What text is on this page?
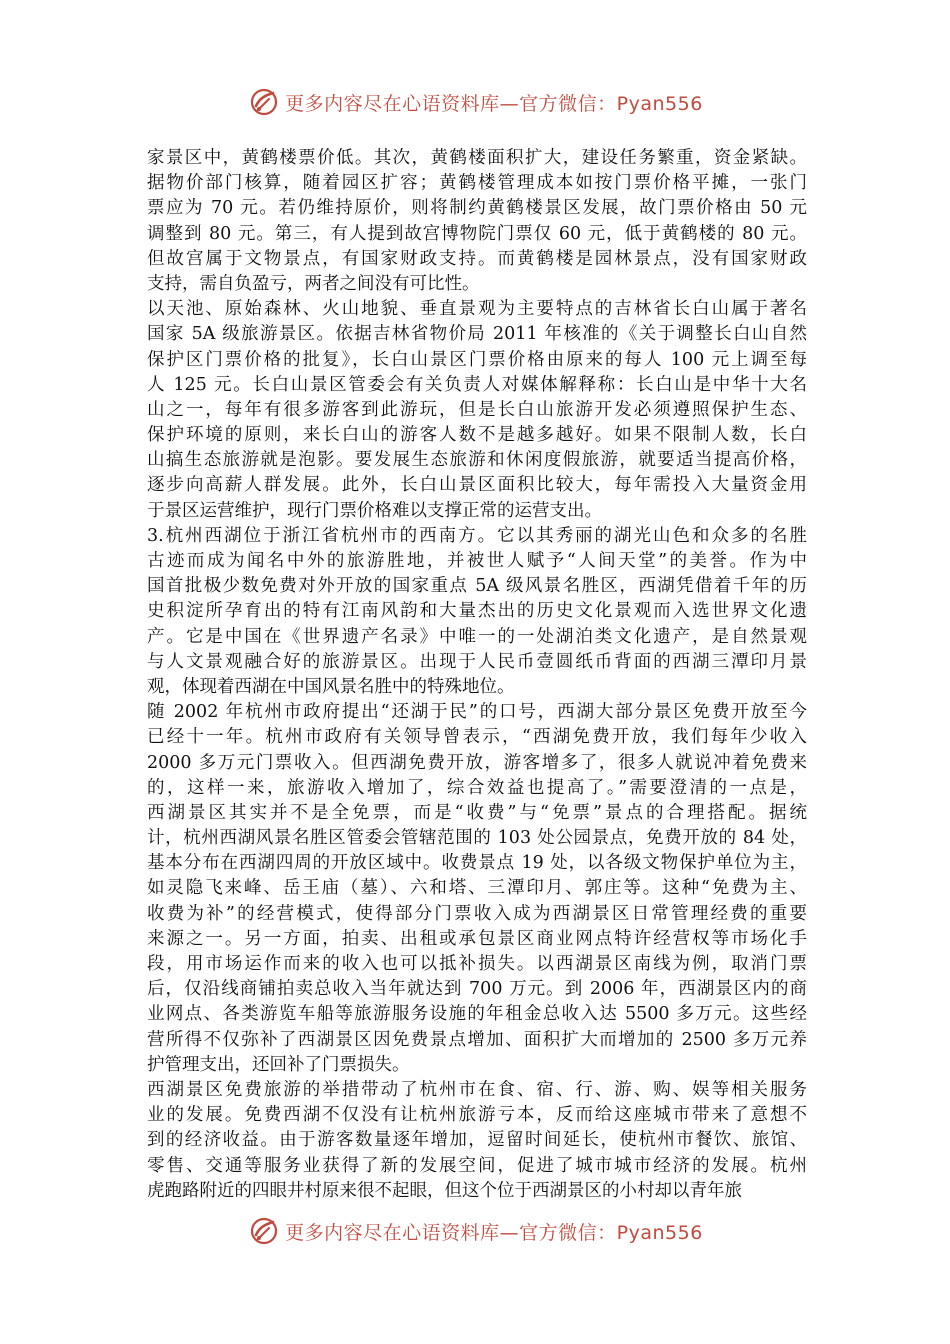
更多内容尽在心语资料库—官方微信：Pyan556
家景区中，黄鹤楼票价低。其次，黄鹤楼面积扩大，建设任务繁重，资金紧缺。
据物价部门核算，随着园区扩容；黄鹤楼管理成本如按门票价格平摊，一张门
票应为 70 元。若仍维持原价，则将制约黄鹤楼景区发展，故门票价格由 50 元
调整到 80 元。第三，有人提到故宫博物院门票仅 60 元，低于黄鹤楼的 80 元。
但故宫属于文物景点，有国家财政支持。而黄鹤楼是园林景点，没有国家财政
支持，需自负盈亏，两者之间没有可比性。
以天池、原始森林、火山地貌、垂直景观为主要特点的吉林省长白山属于著名
国家 5A 级旅游景区。依据吉林省物价局 2011 年核准的《关于调整长白山自然
保护区门票价格的批复》，长白山景区门票价格由原来的每人 100 元上调至每
人 125 元。长白山景区管委会有关负责人对媒体解释称：长白山是中华十大名
山之一，每年有很多游客到此游玩，但是长白山旅游开发必须遵照保护生态、
保护环境的原则，来长白山的游客人数不是越多越好。如果不限制人数，长白
山搞生态旅游就是泡影。要发展生态旅游和休闲度假旅游，就要适当提高价格，
逐步向高薪人群发展。此外，长白山景区面积比较大，每年需投入大量资金用
于景区运营维护，现行门票价格难以支撑正常的运营支出。
3.杭州西湖位于浙江省杭州市的西南方。它以其秀丽的湖光山色和众多的名胜
古迹而成为闻名中外的旅游胜地，并被世人赋予“人间天堂”的美誉。作为中
国首批极少数免费对外开放的国家重点 5A 级风景名胜区，西湖凭借着千年的历
史积淀所孕育出的特有江南风韵和大量杰出的历史文化景观而入选世界文化遗
产。它是中国在《世界遗产名录》中唯一的一处湖泊类文化遗产，是自然景观
与人文景观融合好的旅游景区。出现于人民币壹圆纸币背面的西湖三潭印月景
观，体现着西湖在中国风景名胜中的特殊地位。
随 2002 年杭州市政府提出“还湖于民”的口号，西湖大部分景区免费开放至今
已经十一年。杭州市政府有关领导曾表示，“西湖免费开放，我们每年少收入
2000 多万元门票收入。但西湖免费开放，游客增多了，很多人就说冲着免费来
的，这样一来，旅游收入增加了，综合效益也提高了。”需要澄清的一点是，
西湖景区其实并不是全免票，而是“收费”与“免票”景点的合理搭配。据统
计，杭州西湖风景名胜区管委会管辖范围的 103 处公园景点，免费开放的 84 处，
基本分布在西湖四周的开放区域中。收费景点 19 处，以各级文物保护单位为主，
如灵隐飞来峰、岳王庙（墓）、六和塔、三潭印月、郭庄等。这种“免费为主、
收费为补”的经营模式，使得部分门票收入成为西湖景区日常管理经费的重要
来源之一。另一方面，拍卖、出租或承包景区商业网点特许经营权等市场化手
段，用市场运作而来的收入也可以抵补损失。以西湖景区南线为例，取消门票
后，仅沿线商铺拍卖总收入当年就达到 700 万元。到 2006 年，西湖景区内的商
业网点、各类游览车船等旅游服务设施的年租金总收入达 5500 多万元。这些经
营所得不仅弥补了西湖景区因免费景点增加、面积扩大而增加的 2500 多万元养
护管理支出，还回补了门票损失。
西湖景区免费旅游的举措带动了杭州市在食、宿、行、游、购、娱等相关服务
业的发展。免费西湖不仅没有让杭州旅游亏本，反而给这座城市带来了意想不
到的经济收益。由于游客数量逐年增加，逗留时间延长，使杭州市餐饮、旅馆、
零售、交通等服务业获得了新的发展空间，促进了城市城市经济的发展。杭州
虎跑路附近的四眼井村原来很不起眼，但这个位于西湖景区的小村却以青年旅
更多内容尽在心语资料库—官方微信：Pyan556
